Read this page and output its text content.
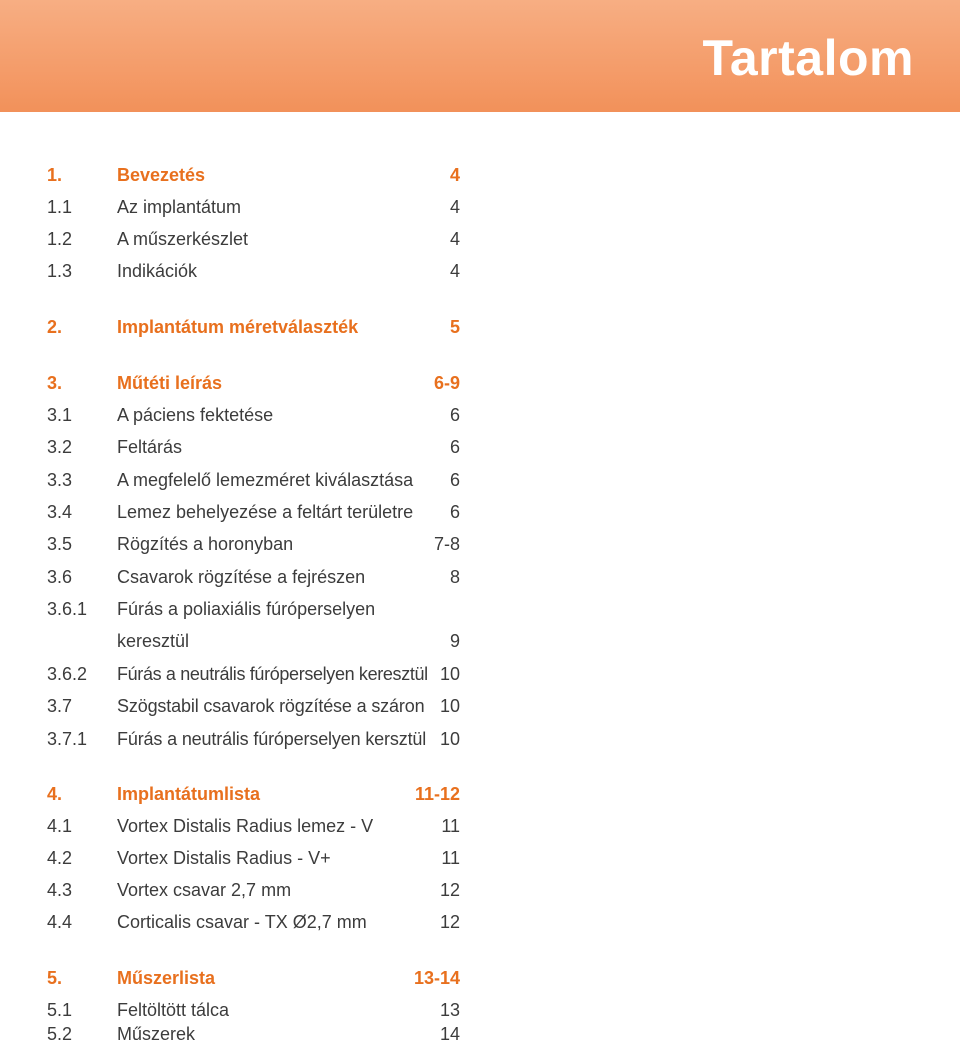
Tartalom
1.	Bevezetés	4
1.1 Az implantátum	4
1.2 A műszerkészlet	4
1.3 Indikációk	4
2.	Implantátum méretválaszték	5
3.	Műtéti leírás	6-9
3.1 A páciens fektetése	6
3.2 Feltárás	6
3.3 A megfelelő lemezméret kiválasztása 6
3.4 Lemez behelyezése a feltárt területre 6
3.5 Rögzítés a horonyban	7-8
3.6 Csavarok rögzítése a fejrészen	8
3.6.1 Fúrás a poliaxiális fúróperselyen
keresztül	9
3.6.2 Fúrás a neutrális fúróperselyen keresztül 10
3.7 Szögstabil csavarok rögzítése a száron 10
3.7.1 Fúrás a neutrális fúróperselyen kersztül 10
4.	Implantátumlista	11-12
4.1 Vortex Distalis Radius lemez - V	11
4.2 Vortex Distalis Radius - V+	11
4.3 Vortex csavar 2,7 mm	12
4.4 Corticalis csavar - TX Ø2,7 mm	12
5.	Műszerlista	13-14
5.1 Feltöltött tálca	13
5.2 Műszerek	14
